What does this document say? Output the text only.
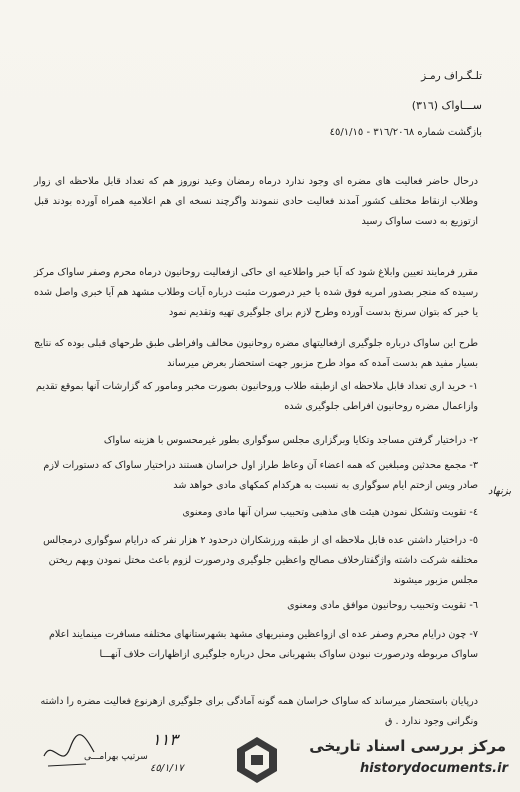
تلـگـراف رمـز
ســـاواک (٣١٦)
بازگشت شماره ٣١٦/٢٠٦٨ - ٤٥/١/١٥
درحال حاضر فعالیت های مضره ای وجود ندارد درماه رمضان وعید نوروز هم که تعداد قابل ملاحظه ای زوار وطلاب ازنقاط مختلف کشور آمدند فعالیت حادی ننمودند واگرچند نسخه ای هم اعلامیه همراه آورده بودند قبل ازتوزیع به دست ساواک رسید
مقرر فرمایند تعیین وابلاغ شود که آیا خبر واطلاعیه ای حاکی ازفعالیت روحانیون درماه محرم وصفر ساواک مرکز رسیده که منجر بصدور امریه فوق شده یا خیر درصورت مثبت درباره آیات وطلاب مشهد هم آیا خبری واصل شده یا خیر که بتوان سرنخ بدست آورده وطرح لازم برای جلوگیری تهیه وتقدیم نمود
طرح این ساواک درباره جلوگیری ازفعالیتهای مضره روحانیون مخالف وافراطی طبق طرحهای قبلی بوده که نتایج بسیار مفید هم بدست آمده که مواد طرح مزبور جهت استحضار بعرض میرساند
١- خرید اری تعداد قابل ملاحظه ای ازطبقه طلاب وروحانیون بصورت مخبر ومامور که گزارشات آنها بموقع تقدیم وازاعمال مضره روحانیون افراطی جلوگیری شده
٢- دراختیار گرفتن مساجد وتکایا وبرگزاری مجلس سوگواری بطور غیرمحسوس با هزینه ساواک
٣- مجمع محدثین ومبلغین که همه اعضاء آن وعاظ طراز اول خراسان هستند دراختیار ساواک که دستورات لازم صادر ویس ازختم ایام سوگواری به نسبت به هرکدام کمکهای مادی خواهد شد
٤- تقویت وتشکل نمودن هیئت های مذهبی وتحبیب سران آنها مادی ومعنوی
٥- دراختیار داشتن عده قابل ملاحظه ای از طبقه ورزشکاران درحدود ٢ هزار نفر که درایام سوگواری درمجالس مختلفه شرکت داشته واژگفتارخلاف مصالح واعظین جلوگیری ودرصورت لزوم باعث مختل نمودن وبهم ریختن مجلس مزبور میشوند
٦- تقویت وتحبیب روحانیون موافق مادی ومعنوی
٧- چون درایام محرم وصفر عده ای ازواعظین ومنبریهای مشهد بشهرستانهای مختلفه مسافرت مینمایند اعلام ساواک مربوطه ودرصورت نبودن ساواک بشهربانی محل درباره جلوگیری ازاظهارات خلاف آنهـــا
درپایان باستحضار میرساند که ساواک خراسان همه گونه آمادگی برای جلوگیری ازهرنوع فعالیت مضره را داشته ونگرانی وجود ندارد . ق
بزنهاد
١١٣
سرتیپ بهرامـــی
٤٥/١/١٧
مرکز بررسی اسناد تاریخی
historydocuments.ir
